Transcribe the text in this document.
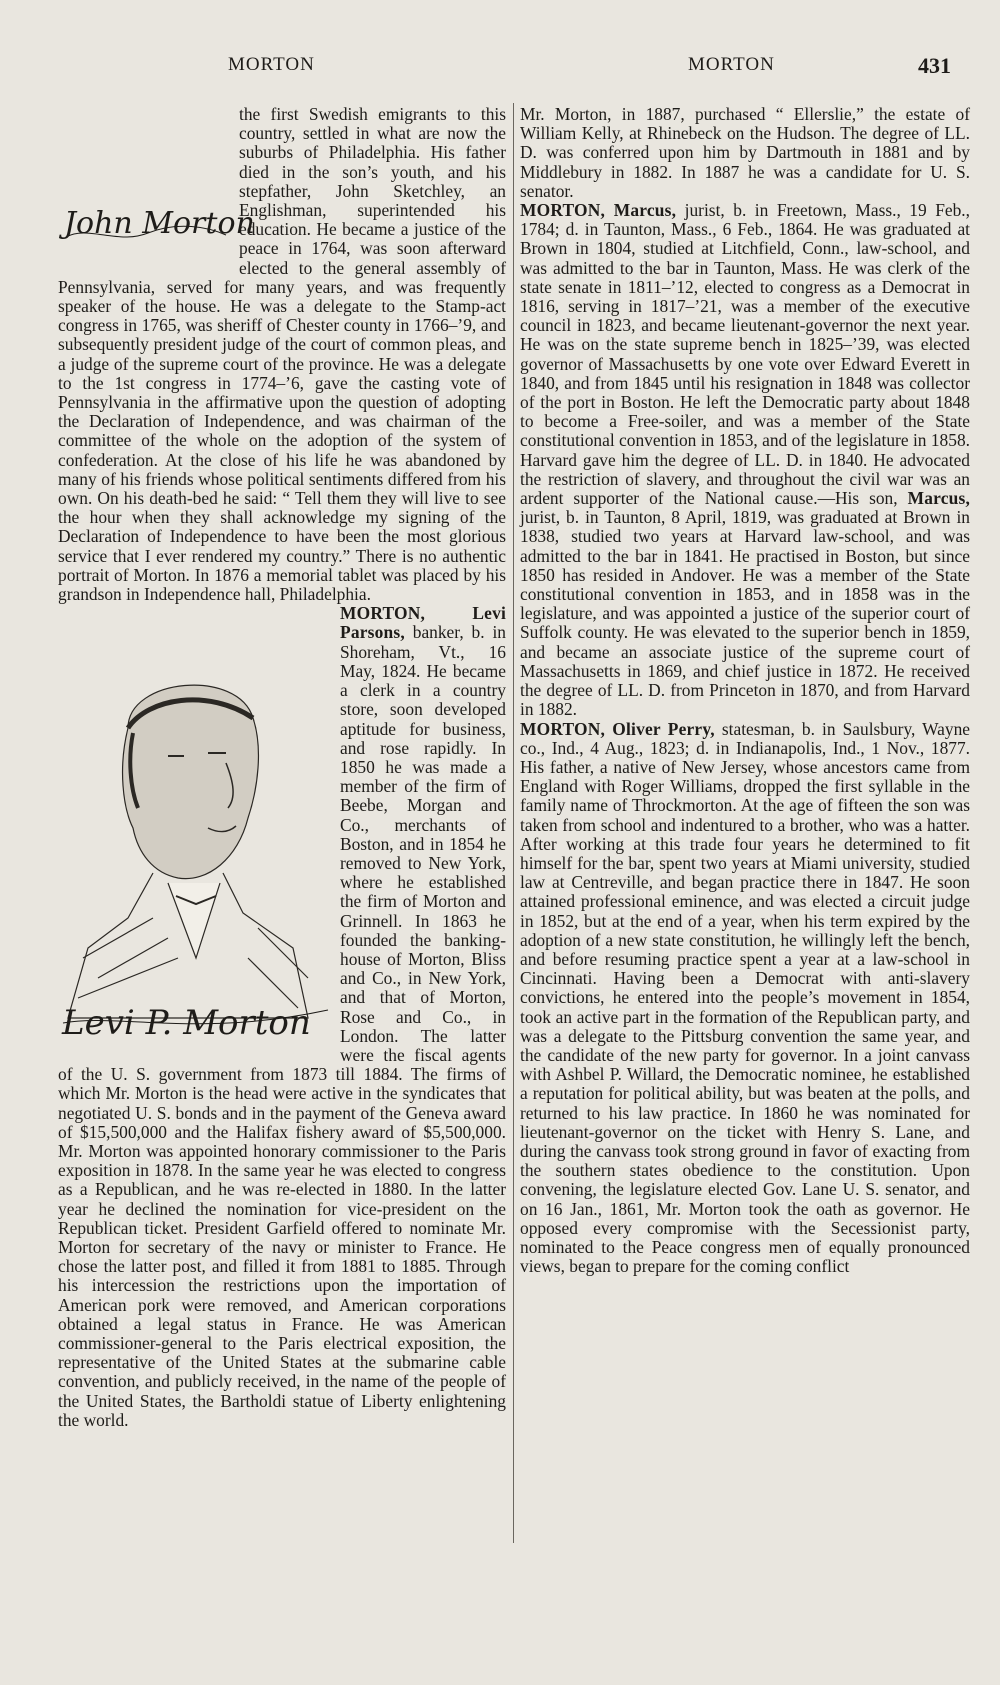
MORTON	MORTON	431

John Morton
the first Swedish emigrants to this country, settled in what are now the suburbs of Philadelphia. His father died in the son’s youth, and his stepfather, John Sketchley, an Englishman, superintended his education. He became a justice of the peace in 1764, was soon afterward elected to the general assembly of Pennsylvania, served for many years, and was frequently speaker of the house. He was a delegate to the Stamp-act congress in 1765, was sheriff of Chester county in 1766–’9, and subsequently president judge of the court of common pleas, and a judge of the supreme court of the province. He was a delegate to the 1st congress in 1774–’6, gave the casting vote of Pennsylvania in the affirmative upon the question of adopting the Declaration of Independence, and was chairman of the committee of the whole on the adoption of the system of confederation. At the close of his life he was abandoned by many of his friends whose political sentiments differed from his own. On his death-bed he said: “ Tell them they will live to see the hour when they shall acknowledge my signing of the Declaration of Independence to have been the most glorious service that I ever rendered my country.” There is no authentic portrait of Morton. In 1876 a memorial tablet was placed by his grandson in Independence hall, Philadelphia.

Levi P. Morton
MORTON, Levi Parsons, banker, b. in Shoreham, Vt., 16 May, 1824. He became a clerk in a country store, soon developed aptitude for business, and rose rapidly. In 1850 he was made a member of the firm of Beebe, Morgan and Co., merchants of Boston, and in 1854 he removed to New York, where he established the firm of Morton and Grinnell. In 1863 he founded the banking-house of Morton, Bliss and Co., in New York, and that of Morton, Rose and Co., in London. The latter were the fiscal agents of the U. S. government from 1873 till 1884. The firms of which Mr. Morton is the head were active in the syndicates that negotiated U. S. bonds and in the payment of the Geneva award of $15,500,000 and the Halifax fishery award of $5,500,000. Mr. Morton was appointed honorary commissioner to the Paris exposition in 1878. In the same year he was elected to congress as a Republican, and he was re-elected in 1880. In the latter year he declined the nomination for vice-president on the Republican ticket. President Garfield offered to nominate Mr. Morton for secretary of the navy or minister to France. He chose the latter post, and filled it from 1881 to 1885. Through his intercession the restrictions upon the importation of American pork were removed, and American corporations obtained a legal status in France. He was American commissioner-general to the Paris electrical exposition, the representative of the United States at the submarine cable convention, and publicly received, in the name of the people of the United States, the Bartholdi statue of Liberty enlightening the world.

Mr. Morton, in 1887, purchased “ Ellerslie,” the estate of William Kelly, at Rhinebeck on the Hudson. The degree of LL. D. was conferred upon him by Dartmouth in 1881 and by Middlebury in 1882. In 1887 he was a candidate for U. S. senator.

MORTON, Marcus, jurist, b. in Freetown, Mass., 19 Feb., 1784; d. in Taunton, Mass., 6 Feb., 1864. He was graduated at Brown in 1804, studied at Litchfield, Conn., law-school, and was admitted to the bar in Taunton, Mass. He was clerk of the state senate in 1811–’12, elected to congress as a Democrat in 1816, serving in 1817–’21, was a member of the executive council in 1823, and became lieutenant-governor the next year. He was on the state supreme bench in 1825–’39, was elected governor of Massachusetts by one vote over Edward Everett in 1840, and from 1845 until his resignation in 1848 was collector of the port in Boston. He left the Democratic party about 1848 to become a Free-soiler, and was a member of the State constitutional convention in 1853, and of the legislature in 1858. Harvard gave him the degree of LL. D. in 1840. He advocated the restriction of slavery, and throughout the civil war was an ardent supporter of the National cause.—His son, Marcus, jurist, b. in Taunton, 8 April, 1819, was graduated at Brown in 1838, studied two years at Harvard law-school, and was admitted to the bar in 1841. He practised in Boston, but since 1850 has resided in Andover. He was a member of the State constitutional convention in 1853, and in 1858 was in the legislature, and was appointed a justice of the superior court of Suffolk county. He was elevated to the superior bench in 1859, and became an associate justice of the supreme court of Massachusetts in 1869, and chief justice in 1872. He received the degree of LL. D. from Princeton in 1870, and from Harvard in 1882.

MORTON, Oliver Perry, statesman, b. in Saulsbury, Wayne co., Ind., 4 Aug., 1823; d. in Indianapolis, Ind., 1 Nov., 1877. His father, a native of New Jersey, whose ancestors came from England with Roger Williams, dropped the first syllable in the family name of Throckmorton. At the age of fifteen the son was taken from school and indentured to a brother, who was a hatter. After working at this trade four years he determined to fit himself for the bar, spent two years at Miami university, studied law at Centreville, and began practice there in 1847. He soon attained professional eminence, and was elected a circuit judge in 1852, but at the end of a year, when his term expired by the adoption of a new state constitution, he willingly left the bench, and before resuming practice spent a year at a law-school in Cincinnati. Having been a Democrat with anti-slavery convictions, he entered into the people’s movement in 1854, took an active part in the formation of the Republican party, and was a delegate to the Pittsburg convention the same year, and the candidate of the new party for governor. In a joint canvass with Ashbel P. Willard, the Democratic nominee, he established a reputation for political ability, but was beaten at the polls, and returned to his law practice. In 1860 he was nominated for lieutenant-governor on the ticket with Henry S. Lane, and during the canvass took strong ground in favor of exacting from the southern states obedience to the constitution. Upon convening, the legislature elected Gov. Lane U. S. senator, and on 16 Jan., 1861, Mr. Morton took the oath as governor. He opposed every compromise with the Secessionist party, nominated to the Peace congress men of equally pronounced views, began to prepare for the coming conflict
